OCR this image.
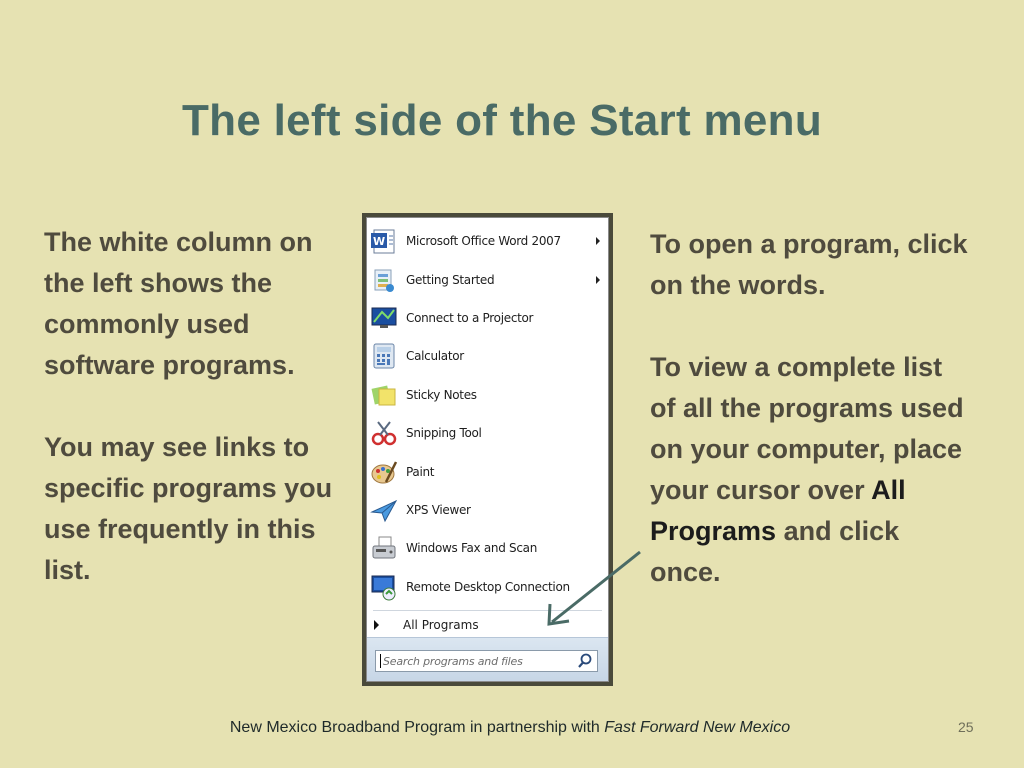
The left side of the Start menu

The white column on the left shows the commonly used software programs.

You may see links to specific programs you use frequently in this list.

To open a program, click on the words.

To view a complete list of all the programs used on your computer, place your cursor over All Programs and click once.

W Microsoft Office Word 2007
Getting Started
Connect to a Projector
Calculator
Sticky Notes
Snipping Tool
Paint
XPS Viewer
Windows Fax and Scan
Remote Desktop Connection
All Programs
Search programs and files
New Mexico Broadband Program in partnership with Fast Forward New Mexico	25
